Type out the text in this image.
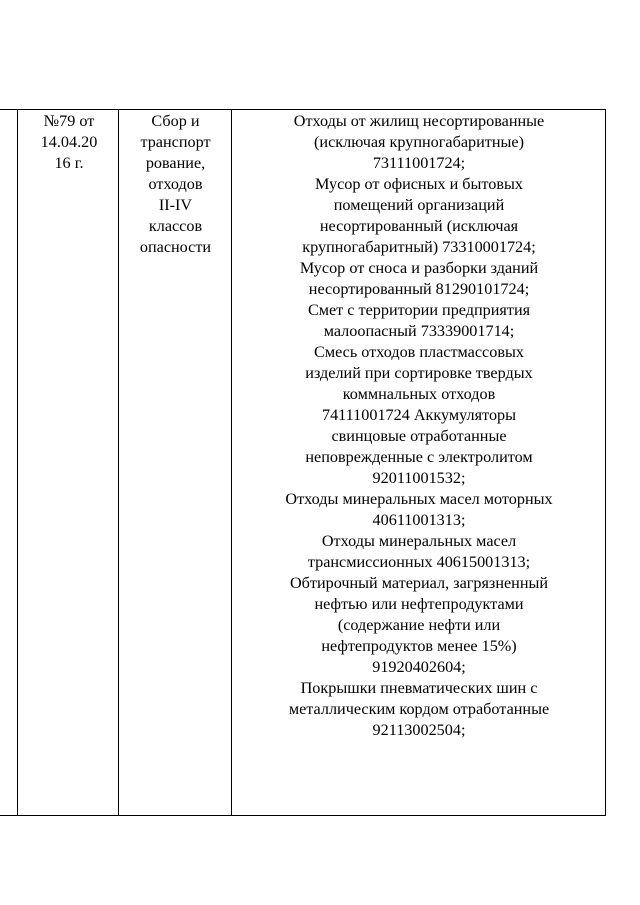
№79 от
14.04.20
16 г.
Сбор и
транспорт
рование,
отходов
II-IV
классов
опасности
Отходы от жилищ несортированные
(исключая крупногабаритные)
73111001724;
Мусор от офисных и бытовых
помещений организаций
несортированный (исключая
крупногабаритный) 73310001724;
Мусор от сноса и разборки зданий
несортированный 81290101724;
Смет с территории предприятия
малоопасный 73339001714;
Смесь отходов пластмассовых
изделий при сортировке твердых
коммнальных отходов
74111001724 Аккумуляторы
свинцовые отработанные
неповрежденные с электролитом
92011001532;
Отходы минеральных масел моторных
40611001313;
Отходы минеральных масел
трансмиссионных 40615001313;
Обтирочный материал, загрязненный
нефтью или нефтепродуктами
(содержание нефти или
нефтепродуктов менее 15%)
91920402604;
Покрышки пневматических шин с
металлическим кордом отработанные
92113002504;
